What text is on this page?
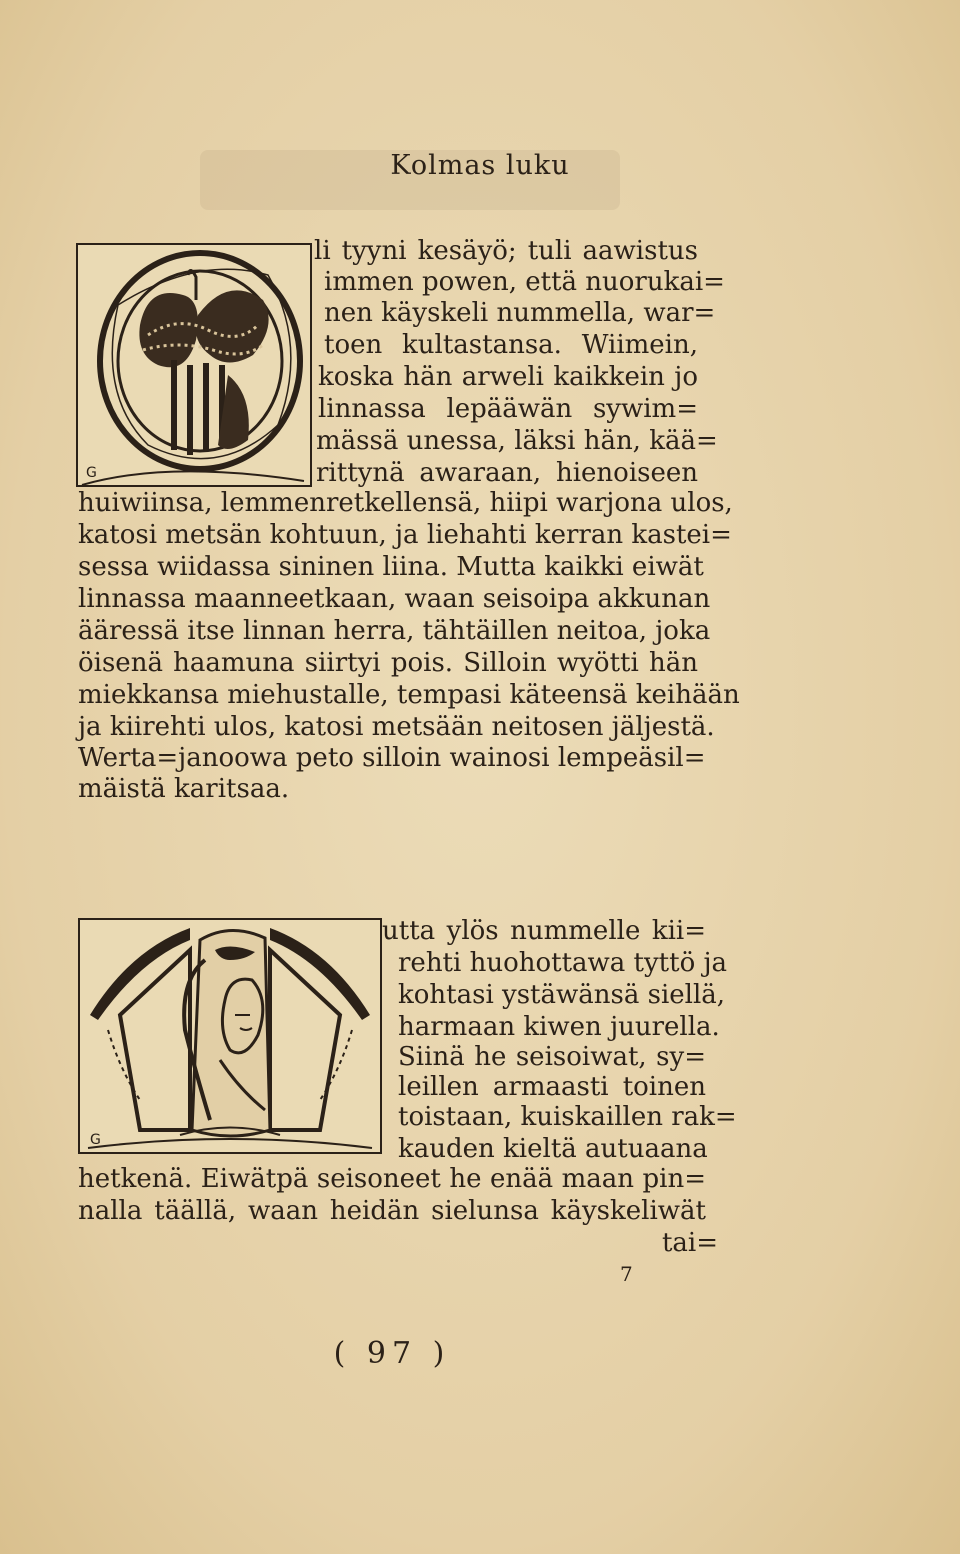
Kolmas luku
G
li tyyni kesäyö; tuli aawistus
immen powen, että nuorukai=
nen käyskeli nummella, war=
toen kultastansa. Wiimein,
koska hän arweli kaikkein jo
linnassa lepääwän sywim=
mässä unessa, läksi hän, kää=
rittynä awaraan, hienoiseen
huiwiinsa, lemmenretkellensä, hiipi warjona ulos,
katosi metsän kohtuun, ja liehahti kerran kastei=
sessa wiidassa sininen liina. Mutta kaikki eiwät
linnassa maanneetkaan, waan seisoipa akkunan
ääressä itse linnan herra, tähtäillen neitoa, joka
öisenä haamuna siirtyi pois. Silloin wyötti hän
miekkansa miehustalle, tempasi käteensä keihään
ja kiirehti ulos, katosi metsään neitosen jäljestä.
Werta=janoowa peto silloin wainosi lempeäsil=
mäistä karitsaa.
G
utta ylös nummelle kii=
rehti huohottawa tyttö ja
kohtasi ystäwänsä siellä,
harmaan kiwen juurella.
Siinä he seisoiwat, sy=
leillen armaasti toinen
toistaan, kuiskaillen rak=
kauden kieltä autuaana
hetkenä. Eiwätpä seisoneet he enää maan pin=
nalla täällä, waan heidän sielunsa käyskeliwät
tai=
7
( 97 )
